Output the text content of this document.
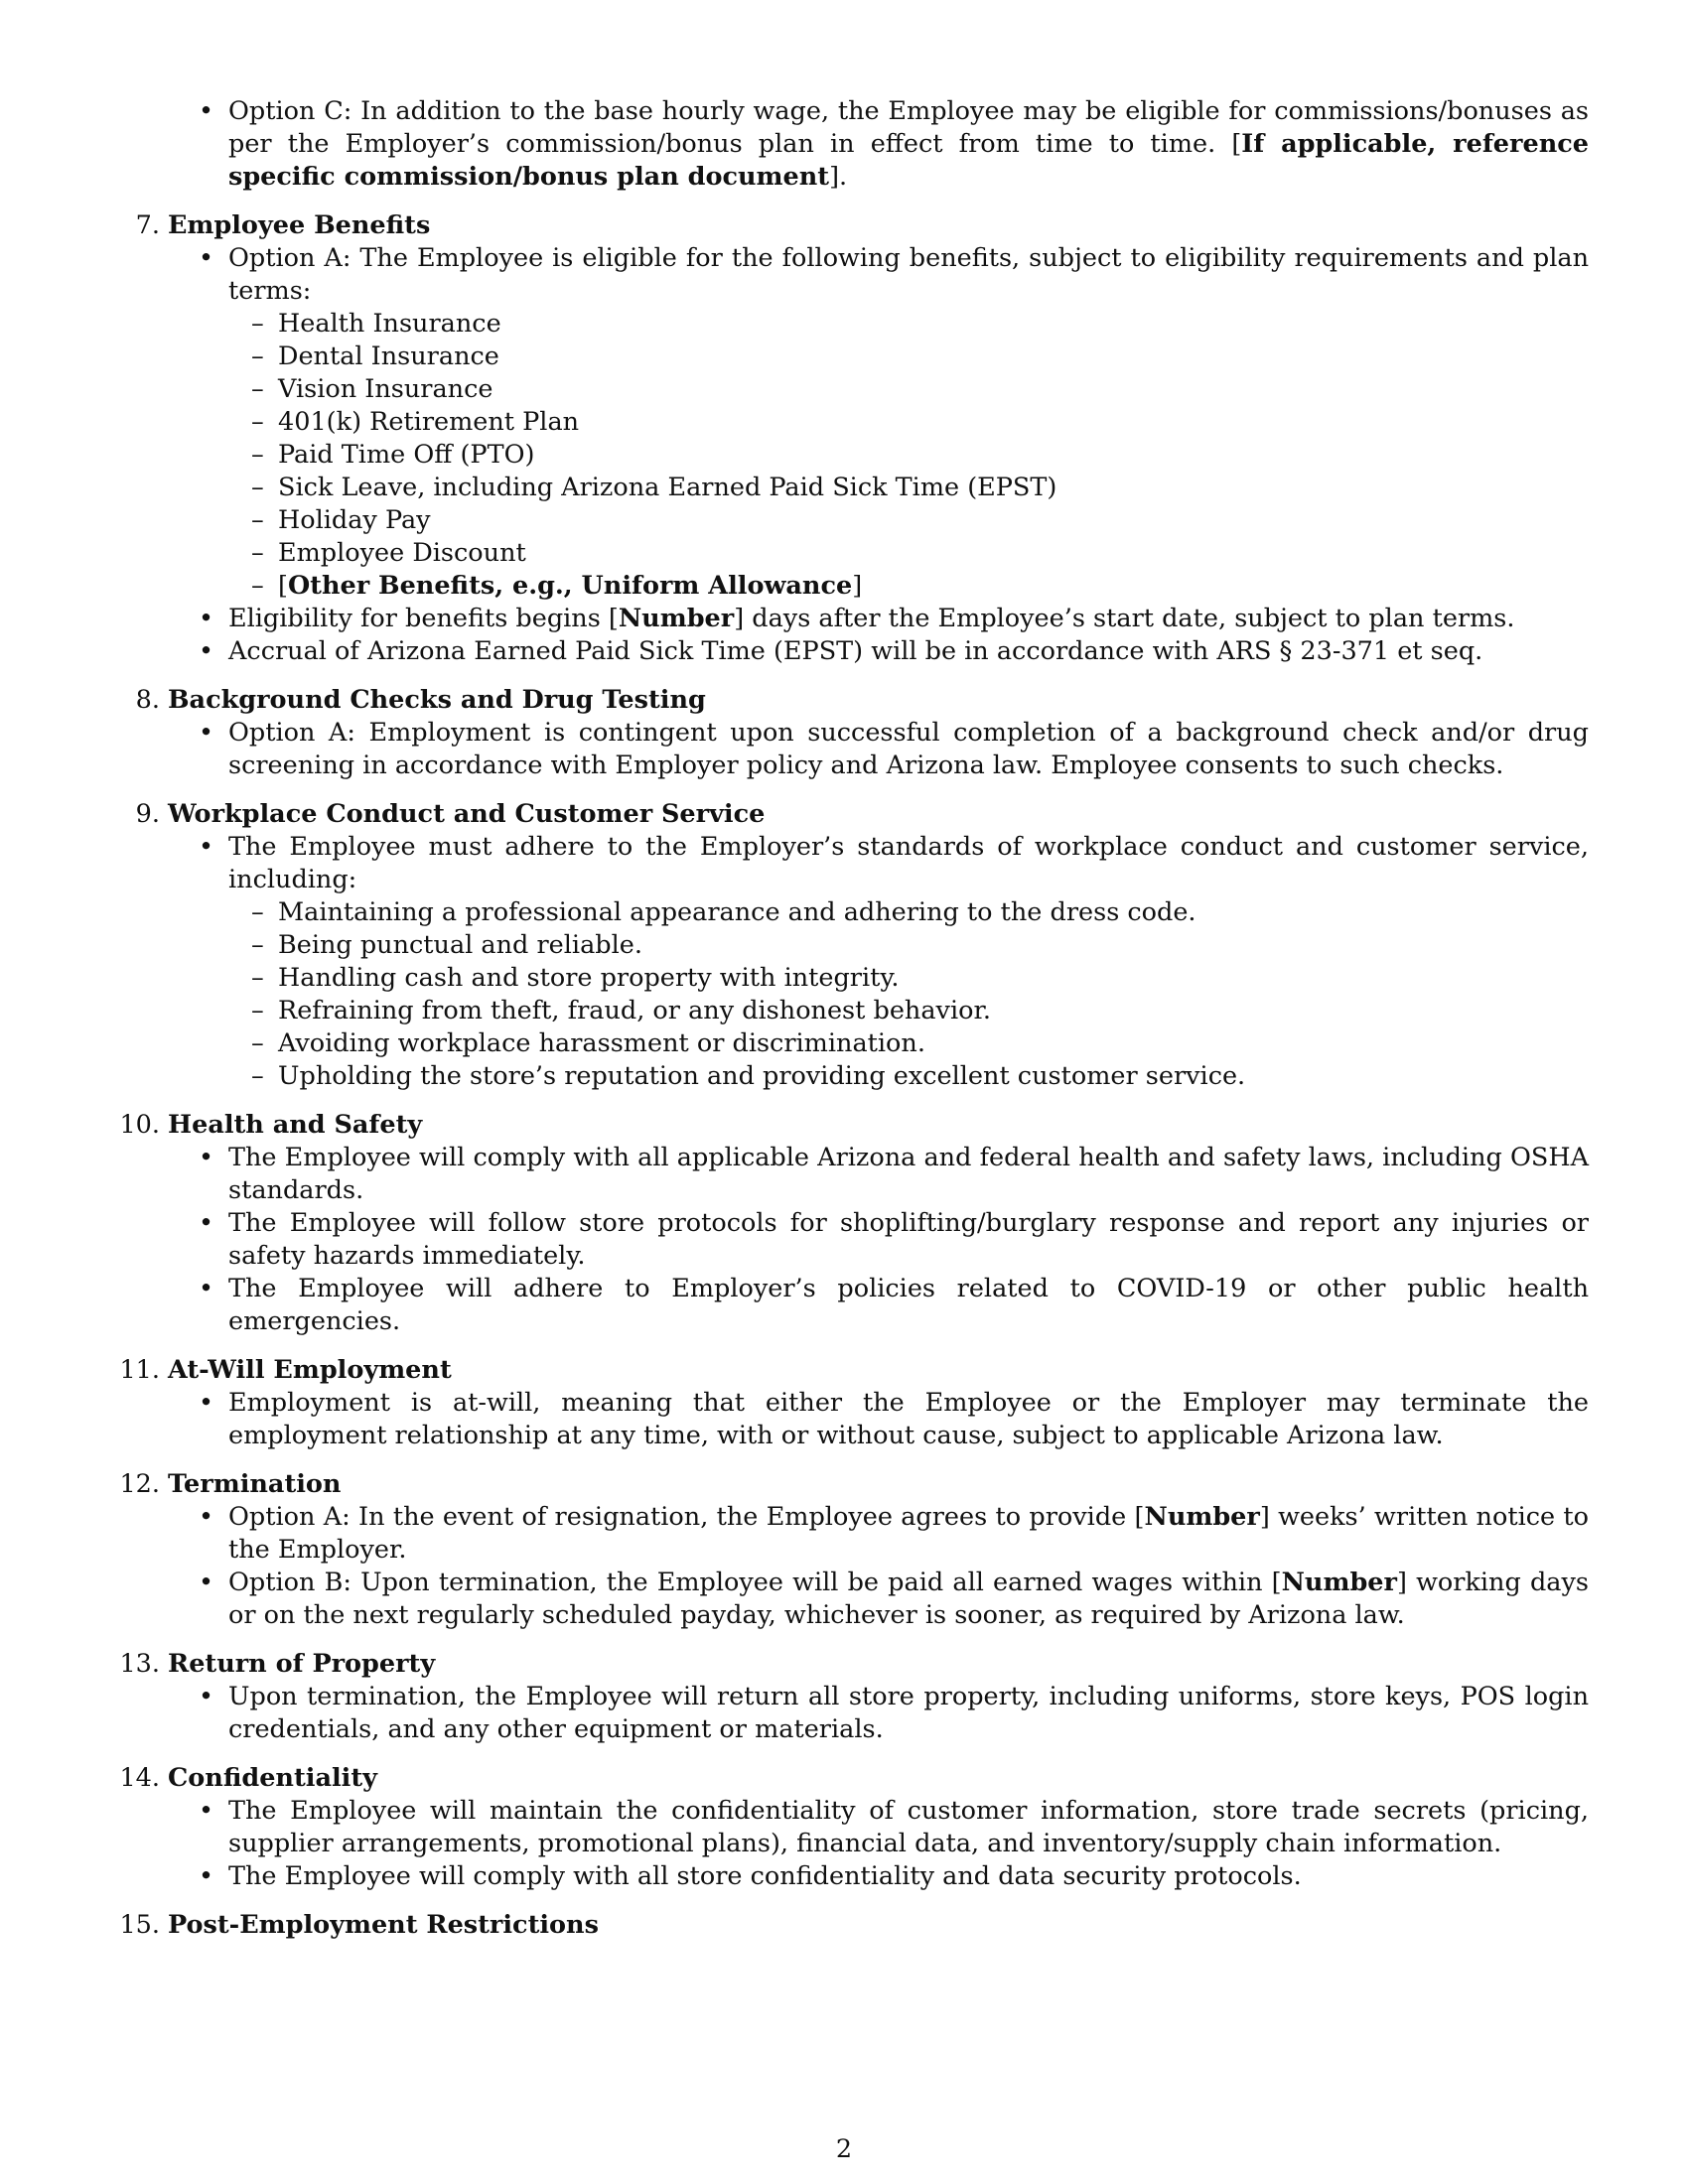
• Option C: In addition to the base hourly wage, the Employee may be eligible for commissions/bonuses as per the Employer’s commission/bonus plan in effect from time to time. [If applicable, reference specific commission/bonus plan document].
7. Employee Benefits
• Option A: The Employee is eligible for the following benefits, subject to eligibility requirements and plan terms:
– Health Insurance
– Dental Insurance
– Vision Insurance
– 401(k) Retirement Plan
– Paid Time Off (PTO)
– Sick Leave, including Arizona Earned Paid Sick Time (EPST)
– Holiday Pay
– Employee Discount
– [Other Benefits, e.g., Uniform Allowance]
• Eligibility for benefits begins [Number] days after the Employee’s start date, subject to plan terms.
• Accrual of Arizona Earned Paid Sick Time (EPST) will be in accordance with ARS § 23-371 et seq.
8. Background Checks and Drug Testing
• Option A: Employment is contingent upon successful completion of a background check and/or drug screening in accordance with Employer policy and Arizona law. Employee consents to such checks.
9. Workplace Conduct and Customer Service
• The Employee must adhere to the Employer’s standards of workplace conduct and customer service, including:
– Maintaining a professional appearance and adhering to the dress code.
– Being punctual and reliable.
– Handling cash and store property with integrity.
– Refraining from theft, fraud, or any dishonest behavior.
– Avoiding workplace harassment or discrimination.
– Upholding the store’s reputation and providing excellent customer service.
10. Health and Safety
• The Employee will comply with all applicable Arizona and federal health and safety laws, including OSHA standards.
• The Employee will follow store protocols for shoplifting/burglary response and report any injuries or safety hazards immediately.
• The Employee will adhere to Employer’s policies related to COVID-19 or other public health emergencies.
11. At-Will Employment
• Employment is at-will, meaning that either the Employee or the Employer may terminate the employment relationship at any time, with or without cause, subject to applicable Arizona law.
12. Termination
• Option A: In the event of resignation, the Employee agrees to provide [Number] weeks’ written notice to the Employer.
• Option B: Upon termination, the Employee will be paid all earned wages within [Number] working days or on the next regularly scheduled payday, whichever is sooner, as required by Arizona law.
13. Return of Property
• Upon termination, the Employee will return all store property, including uniforms, store keys, POS login credentials, and any other equipment or materials.
14. Confidentiality
• The Employee will maintain the confidentiality of customer information, store trade secrets (pricing, supplier arrangements, promotional plans), financial data, and inventory/supply chain information.
• The Employee will comply with all store confidentiality and data security protocols.
15. Post-Employment Restrictions
2
